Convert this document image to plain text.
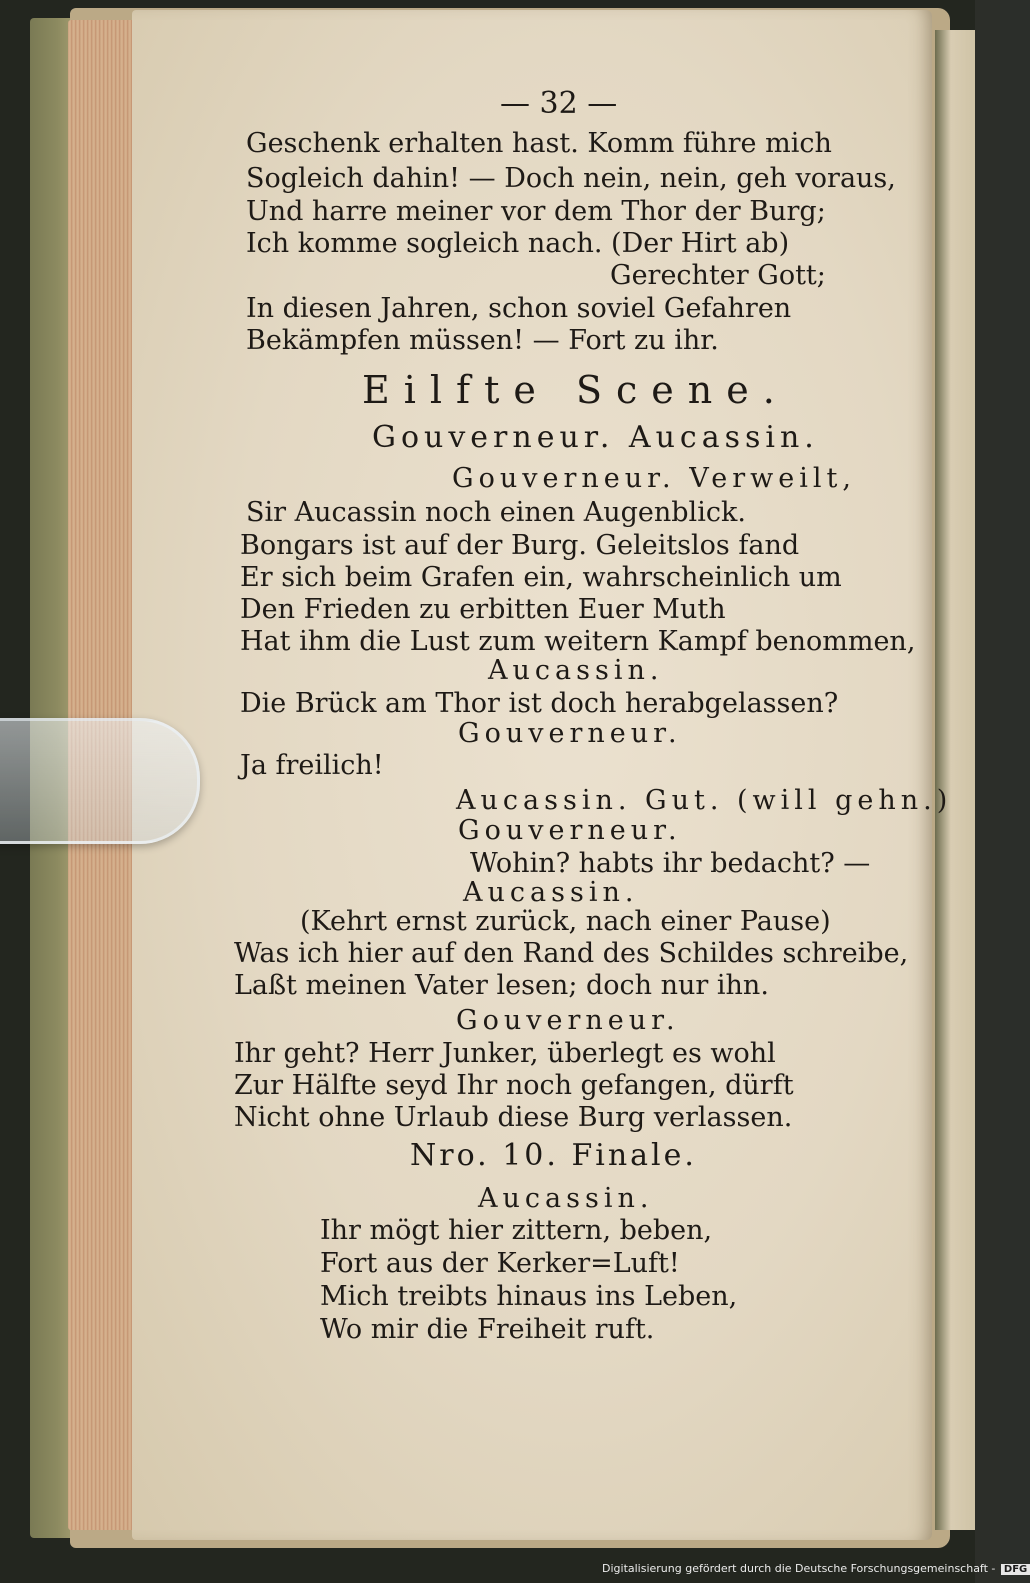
— 32 —
Geschenk erhalten hast. Komm führe mich
Sogleich dahin! — Doch nein, nein, geh voraus,
Und harre meiner vor dem Thor der Burg;
Ich komme sogleich nach. (Der Hirt ab)
Gerechter Gott;
In diesen Jahren, schon soviel Gefahren
Bekämpfen müssen! — Fort zu ihr.
Eilfte Scene.
Gouverneur. Aucassin.
Gouverneur. Verweilt,
Sir Aucassin noch einen Augenblick.
Bongars ist auf der Burg. Geleitslos fand
Er sich beim Grafen ein, wahrscheinlich um
Den Frieden zu erbitten Euer Muth
Hat ihm die Lust zum weitern Kampf benommen,
Aucassin.
Die Brück am Thor ist doch herabgelassen?
Gouverneur.
Ja freilich!
Aucassin. Gut. (will gehn.)
Gouverneur.
Wohin? habts ihr bedacht? —
Aucassin.
(Kehrt ernst zurück, nach einer Pause)
Was ich hier auf den Rand des Schildes schreibe,
Laßt meinen Vater lesen; doch nur ihn.
Gouverneur.
Ihr geht? Herr Junker, überlegt es wohl
Zur Hälfte seyd Ihr noch gefangen, dürft
Nicht ohne Urlaub diese Burg verlassen.
Nro. 10. Finale.
Aucassin.
Ihr mögt hier zittern, beben,
Fort aus der Kerker=Luft!
Mich treibts hinaus ins Leben,
Wo mir die Freiheit ruft.
Digitalisierung gefördert durch die Deutsche Forschungsgemeinschaft - DFG
